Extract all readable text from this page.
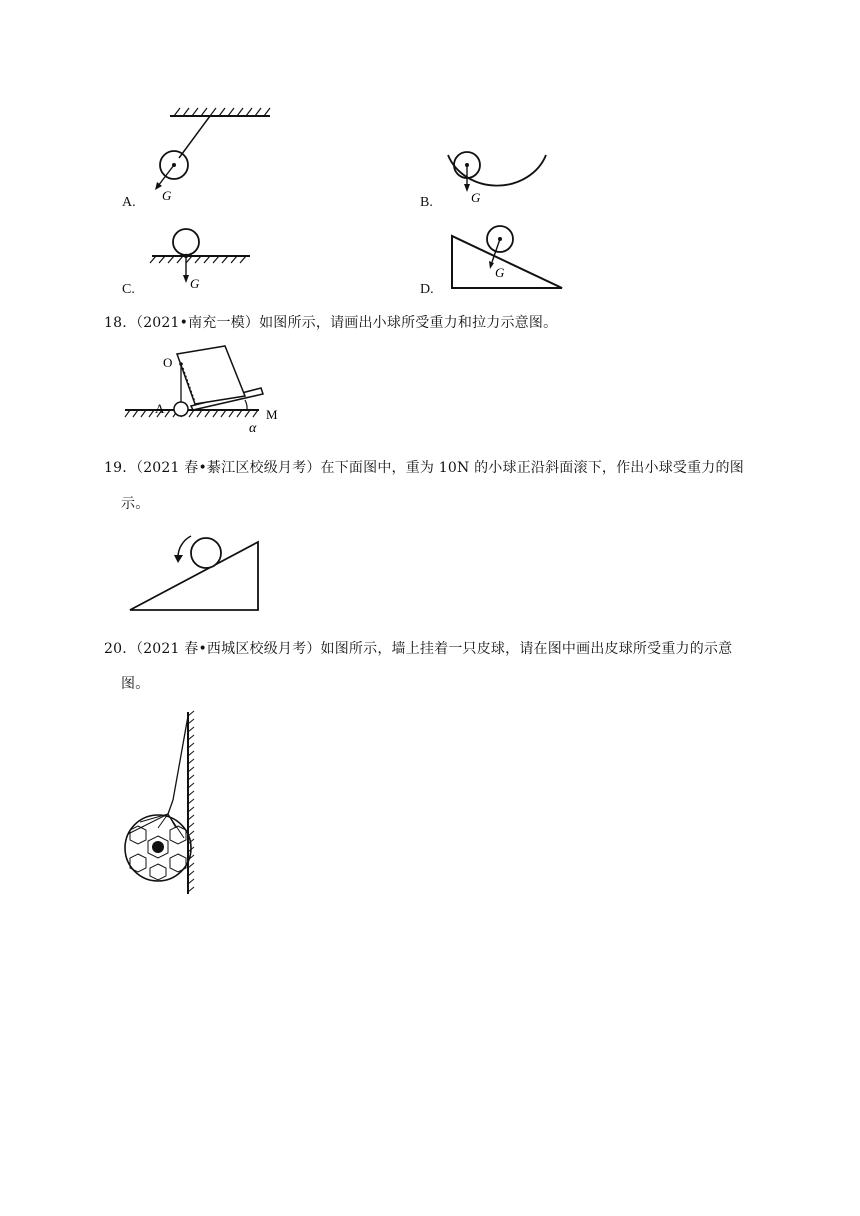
A. G	B.	G
C.	G	D.
G
18. （2021•南充一模）如图所示，请画出小球所受重力和拉力示意图。
O
A	M
α
19. （2021 春•綦江区校级月考）在下面图中，重为 10N 的小球正沿斜面滚下，作出小球受重力的图
示。
20. （2021 春•西城区校级月考）如图所示，墙上挂着一只皮球，请在图中画出皮球所受重力的示意
图。
